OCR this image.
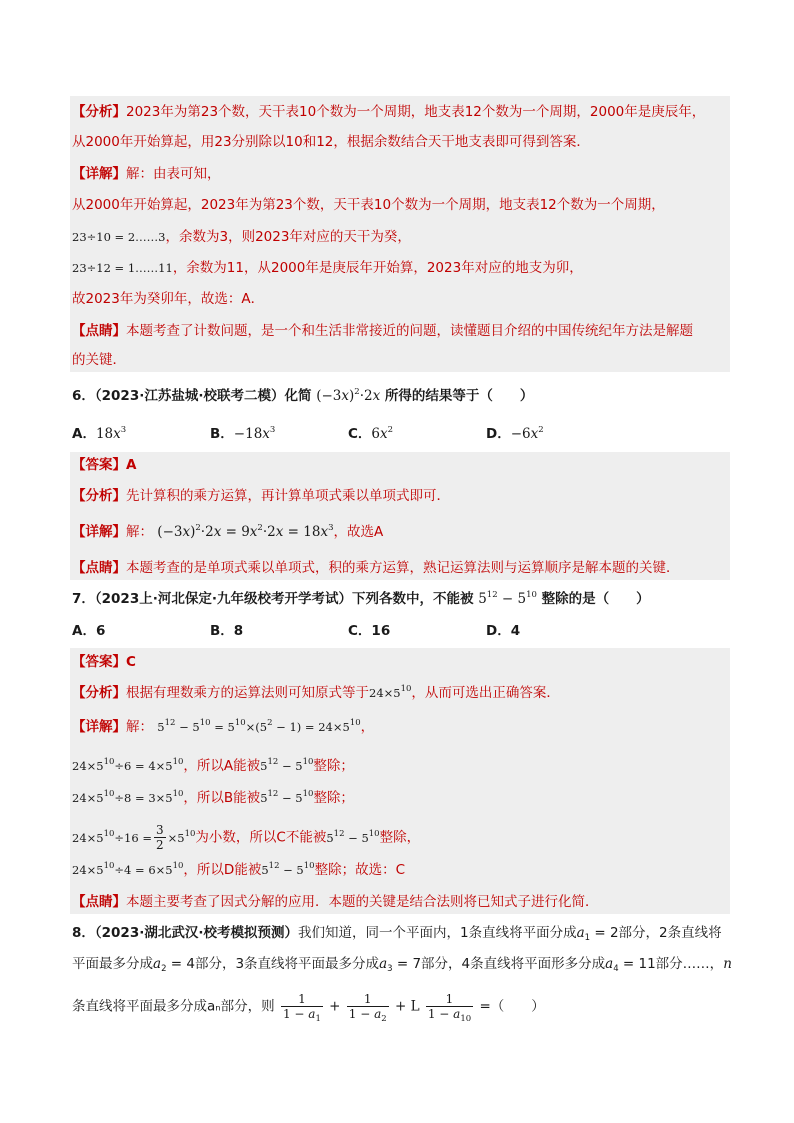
【分析】2023年为第23个数，天干表10个数为一个周期，地支表12个数为一个周期，2000年是庚辰年，
从2000年开始算起，用23分别除以10和12，根据余数结合天干地支表即可得到答案．
【详解】解：由表可知，
从2000年开始算起，2023年为第23个数，天干表10个数为一个周期，地支表12个数为一个周期，
23÷10 = 2……3，余数为3，则2023年对应的天干为癸，
23÷12 = 1……11，余数为11，从2000年是庚辰年开始算，2023年对应的地支为卯，
故2023年为癸卯年，故选：A．
【点睛】本题考查了计数问题，是一个和生活非常接近的问题，读懂题目介绍的中国传统纪年方法是解题
的关键．
6．（2023·江苏盐城·校联考二模）化简 $(-3x)^2\cdot 2x$ 所得的结果等于（　　）
A．$18x^3$	B．$-18x^3$	C．$6x^2$	D．$-6x^2$
【答案】A
【分析】先计算积的乘方运算，再计算单项式乘以单项式即可．
【详解】解： $(-3x)^2\cdot 2x = 9x^2\cdot 2x = 18x^3$，故选A
【点睛】本题考查的是单项式乘以单项式，积的乘方运算，熟记运算法则与运算顺序是解本题的关键．
7．（2023上·河北保定·九年级校考开学考试）下列各数中，不能被 $5^{12} - 5^{10}$ 整除的是（　　）
A．6	B．8	C．16	D．4
【答案】C
【分析】根据有理数乘方的运算法则可知原式等于$24\times 5^{10}$，从而可选出正确答案．
【详解】解： $5^{12} - 5^{10} = 5^{10}\times(5^2 - 1) = 24\times 5^{10}$，
$24\times 5^{10}\div 6 = 4\times 5^{10}$，所以A能被$5^{12} - 5^{10}$整除；
$24\times 5^{10}\div 8 = 3\times 5^{10}$，所以B能被$5^{12} - 5^{10}$整除；
$24\times 5^{10}\div 16 = \frac{3}{2} \times 5^{10}$为小数，所以C不能被$5^{12} - 5^{10}$整除，
$24\times 5^{10}\div 4 = 6\times 5^{10}$，所以D能被$5^{12} - 5^{10}$整除；故选：C
【点睛】本题主要考查了因式分解的应用．本题的关键是结合法则将已知式子进行化简．
8．（2023·湖北武汉·校考模拟预测）我们知道，同一个平面内，1条直线将平面分成$a_1 = 2$部分，2条直线将
平面最多分成$a_2 = 4$部分，3条直线将平面最多分成$a_3 = 7$部分，4条直线将平面形多分成$a_4 = 11$部分……，n
条直线将平面最多分成aₙ部分，则 $\frac{1}{1 - a_1} + \frac{1}{1 - a_2} + L \frac{1}{1 - a_{10}}$ =（　　）
